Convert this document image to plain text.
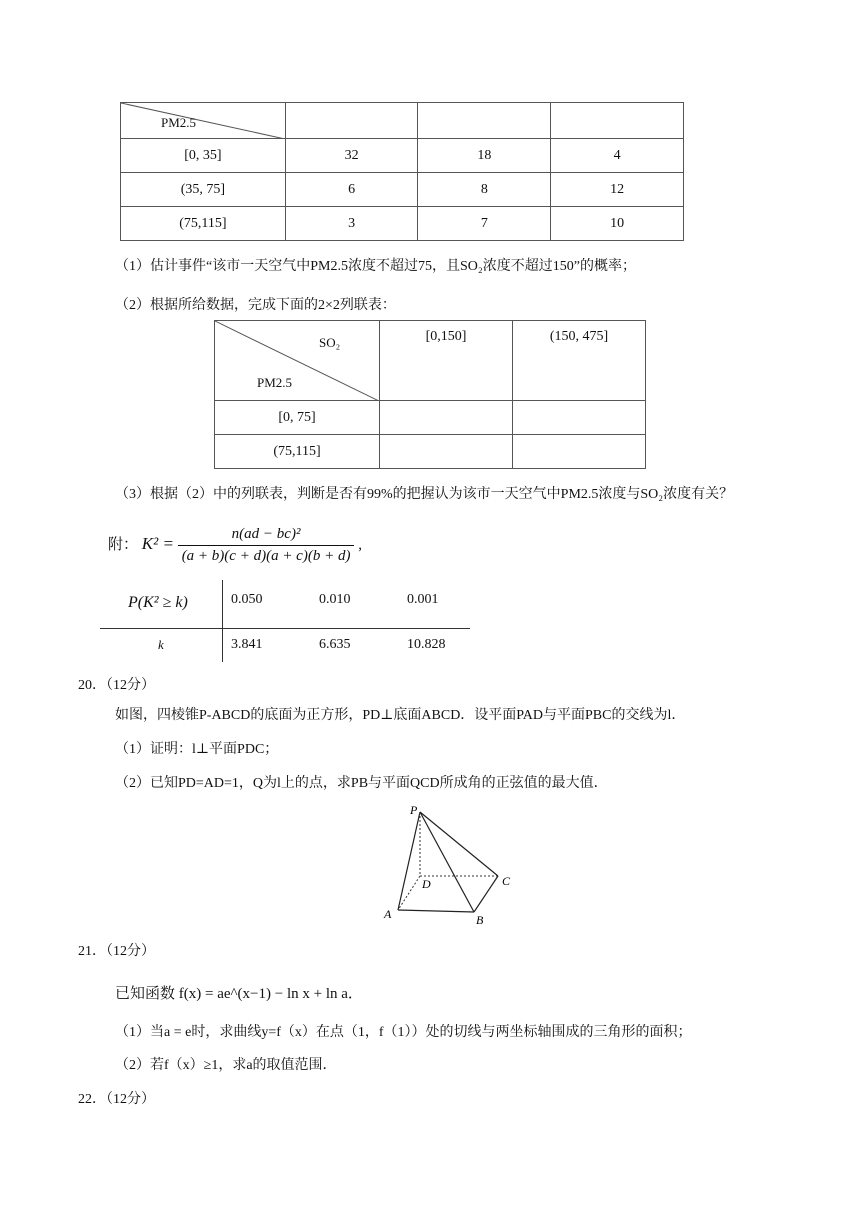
PM2.5			

[0, 35]	32	18	4
(35, 75]	6	8	12
(75,115]	3	7	10
（1）估计事件“该市一天空气中PM2.5浓度不超过75，且SO₂浓度不超过150”的概率；
（2）根据所给数据，完成下面的2×2列联表：
SO₂
PM2.5	[0,150]	(150, 475]
[0, 75]		
(75,115]		
（3）根据（2）中的列联表，判断是否有99%的把握认为该市一天空气中PM2.5浓度与SO₂浓度有关？
附： $K^2 = \frac{\text{n(ad − bc)²}}{(a + b)(c + d)(a + c)(b + d)}$ ,
P(K² ≥ k)	0.050	0.010	0.001
k	3.841	6.635	10.828
20．（12分）
如图，四棱锥P-ABCD的底面为正方形，PD⊥底面ABCD．设平面PAD与平面PBC的交线为l．
（1）证明：l⊥平面PDC；
（2）已知PD=AD=1，Q为l上的点，求PB与平面QCD所成角的正弦值的最大值．
P
D	C
A	B
21．（12分）
已知函数 f(x) = ae^(x−1) − ln x + ln a．
（1）当a = e时，求曲线y=f（x）在点（1，f（1））处的切线与两坐标轴围成的三角形的面积；
（2）若f（x）≥1，求a的取值范围．
22．（12分）
